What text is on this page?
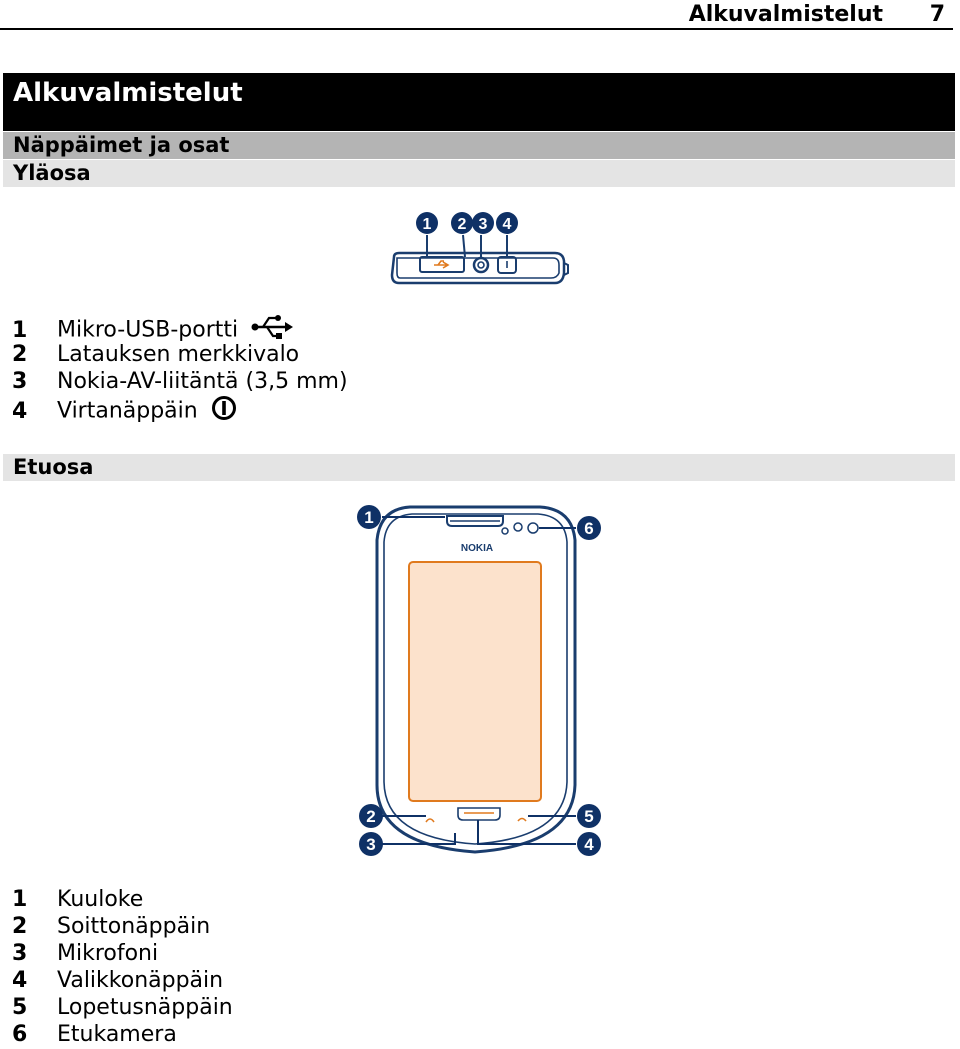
Alkuvalmistelut 7
Alkuvalmistelut
Näppäimet ja osat
Yläosa
1 2 3 4
1 Mikro-USB-portti
2 Latauksen merkkivalo
3 Nokia-AV-liitäntä (3,5 mm)
4 Virtanäppäin
Etuosa
NOKIA
1
2
3	4
5
6
1 Kuuloke
2 Soittonäppäin
3 Mikrofoni
4 Valikkonäppäin
5 Lopetusnäppäin
6 Etukamera
